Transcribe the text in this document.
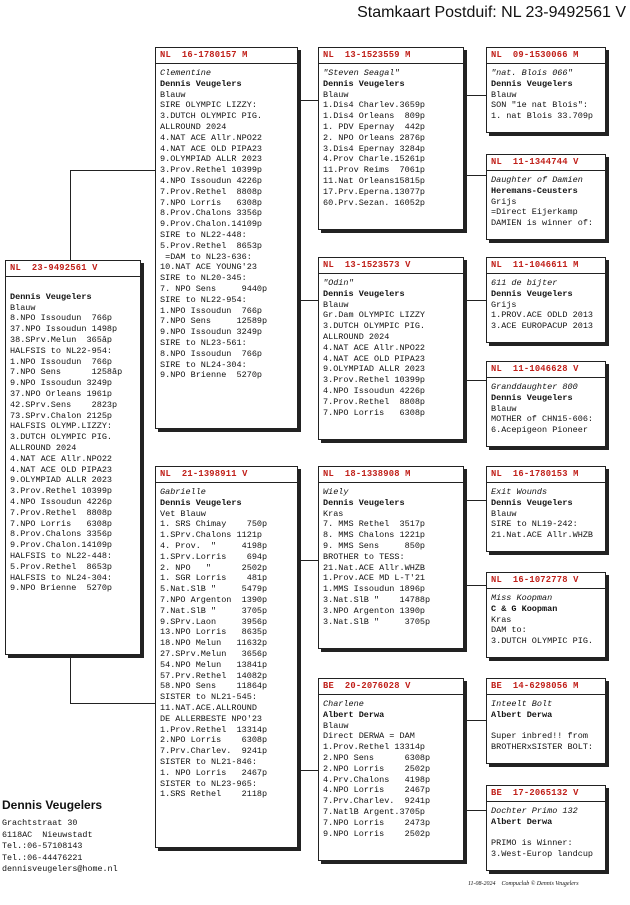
Stamkaart Postduif: NL 23-9492561 V
NL  23-9492561 V

Dennis Veugelers
Blauw
8.NPO Issoudun  766p
37.NPO Issoudun 1498p
38.SPrv.Melun  365âp
HALFSIS to NL22-954:
1.NPO Issoudun  766p
7.NPO Sens      1258âp
9.NPO Issoudun 3249p
37.NPO Orleans 1961p
42.SPrv.Sens    2823p
73.SPrv.Chalon 2125p
HALFSIS OLYMP.LIZZY:
3.DUTCH OLYMPIC PIG.
ALLROUND 2024
4.NAT ACE Allr.NPO22
4.NAT ACE OLD PIPA23
9.OLYMPIAD ALLR 2023
3.Prov.Rethel 10399p
4.NPO Issoudun 4226p
7.Prov.Rethel  8808p
7.NPO Lorris   6308p
8.Prov.Chalons 3356p
9.Prov.Chalon.14109p
HALFSIS to NL22-448:
5.Prov.Rethel  8653p
HALFSIS to NL24-304:
9.NPO Brienne  5270p
NL  16-1780157 M
Clementine
Dennis Veugelers
Blauw
SIRE OLYMPIC LIZZY:
3.DUTCH OLYMPIC PIG.
ALLROUND 2024
4.NAT ACE Allr.NPO22
4.NAT ACE OLD PIPA23
9.OLYMPIAD ALLR 2023
3.Prov.Rethel 10399p
4.NPO Issoudun 4226p
7.Prov.Rethel  8808p
7.NPO Lorris   6308p
8.Prov.Chalons 3356p
9.Prov.Chalon.14109p
SIRE to NL22-448:
5.Prov.Rethel  8653p
=DAM to NL23-636:
10.NAT ACE YOUNG'23
SIRE to NL20-345:
7. NPO Sens     9440p
SIRE to NL22-954:
1.NPO Issoudun  766p
7.NPO Sens     12589p
9.NPO Issoudun 3249p
SIRE to NL23-561:
8.NPO Issoudun  766p
SIRE to NL24-304:
9.NPO Brienne  5270p
NL  21-1398911 V
Gabrielle
Dennis Veugelers
Vet Blauw
1. SRS Chimay    750p
1.SPrv.Chalons 1121p
4. Prov.  "     4198p
1.SPrv.Lorris    694p
2. NPO   "      2502p
1. SGR Lorris    481p
5.Nat.SlB "     5479p
7.NPO Argenton  1390p
7.Nat.SlB "     3705p
9.SPrv.Laon     3956p
13.NPO Lorris   8635p
18.NPO Melun   11632p
27.SPrv.Melun   3656p
54.NPO Melun   13841p
57.Prv.Rethel  14082p
58.NPO Sens    11864p
SISTER to NL21-545:
11.NAT.ACE.ALLROUND
DE ALLERBESTE NPO'23
1.Prov.Rethel  13314p
2.NPO Lorris    6308p
7.Prv.Charlev.  9241p
SISTER to NL21-846:
1. NPO Lorris   2467p
SISTER to NL23-965:
1.SRS Rethel    2118p
NL  13-1523559 M
"Steven Seagal"
Dennis Veugelers
Blauw
1.Dis4 Charlev.3659p
1.Dis4 Orleans  809p
1. PDV Epernay  442p
2. NPO Orleans 2876p
3.Dis4 Epernay 3284p
4.Prov Charle.15261p
11.Prov Reims  7061p
11.Nat Orleans15815p
17.Prv.Eperna.13077p
60.Prv.Sezan. 16052p
NL  13-1523573 V
"Odin"
Dennis Veugelers
Blauw
Gr.Dam OLYMPIC LIZZY
3.DUTCH OLYMPIC PIG.
ALLROUND 2024
4.NAT ACE Allr.NPO22
4.NAT ACE OLD PIPA23
9.OLYMPIAD ALLR 2023
3.Prov.Rethel 10399p
4.NPO Issoudun 4226p
7.Prov.Rethel  8808p
7.NPO Lorris   6308p
NL  18-1338908 M
Wiely
Dennis Veugelers
Kras
7. MMS Rethel  3517p
8. MMS Chalons 1221p
9. MMS Sens     850p
BROTHER to TESS:
21.Nat.ACE Allr.WHZB
1.Prov.ACE MD L-T'21
1.MMS Issoudun 1896p
3.Nat.SlB "    14788p
3.NPO Argenton 1390p
3.Nat.SlB "     3705p
BE  20-2076028 V
Charlene
Albert Derwa
Blauw
Direct DERWA = DAM
1.Prov.Rethel 13314p
2.NPO Sens      6308p
2.NPO Lorris    2502p
4.Prv.Chalons   4198p
4.NPO Lorris    2467p
7.Prv.Charlev.  9241p
7.NatlB Argent.3705p
7.NPO Lorris    2473p
9.NPO Lorris    2502p
NL  09-1530066 M
"nat. Blois 066"
Dennis Veugelers
Blauw
SON "1e nat Blois":
1. nat Blois 33.709p
NL  11-1344744 V
Daughter of Damien
Heremans-Ceusters
Grijs
=Direct Eijerkamp
DAMIEN is winner of:
NL  11-1046611 M
611 de bijter
Dennis Veugelers
Grijs
1.PROV.ACE ODLD 2013
3.ACE EUROPACUP 2013
NL  11-1046628 V
Granddaughter 800
Dennis Veugelers
Blauw
MOTHER of CHN15-606:
6.Acepigeon Pioneer
NL  16-1780153 M
Exit Wounds
Dennis Veugelers
Blauw
SIRE to NL19-242:
21.Nat.ACE Allr.WHZB
NL  16-1072778 V
Miss Koopman
C & G Koopman
Kras
DAM to:
3.DUTCH OLYMPIC PIG.
BE  14-6298056 M
Inteelt Bolt
Albert Derwa

Super inbred!! from
BROTHERxSISTER BOLT:
BE  17-2065132 V
Dochter Primo 132
Albert Derwa

PRIMO is Winner:
3.West-Europ landcup
Dennis Veugelers
Grachtstraat 30
6118AC  Nieuwstadt
Tel.:06-57108143
Tel.:06-44476221
dennisveugelers@home.nl
11-08-2024    Compuclub © Dennis Veugelers
